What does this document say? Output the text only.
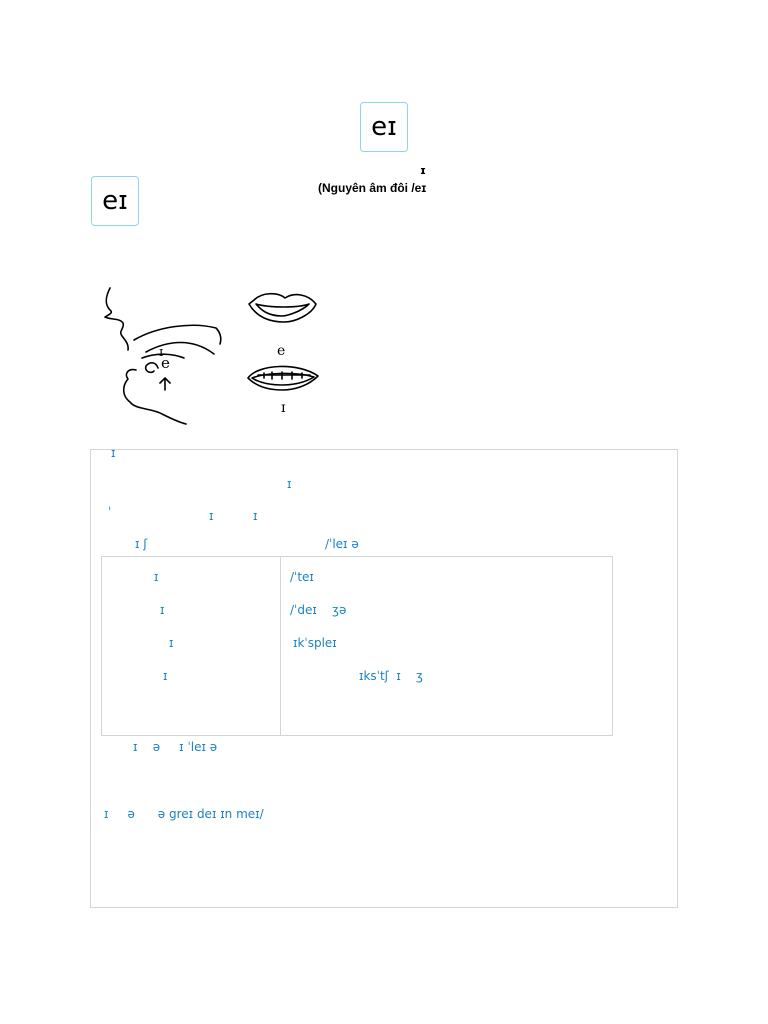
eɪ
ɪ
(Nguyên âm đôi /eɪ
eɪ
ɪ
e
e
ɪ
ɪ
ɪ
ˈ	ɪ	ɪ
ɪ ʃ	/ˈleɪ ə
ɪ	/ˈteɪ
ɪ	/ˈdeɪ    ʒə
ɪ	ɪkˈspleɪ
ɪ	ɪksˈtʃ  ɪ    ʒ
ɪ    ə     ɪ ˈleɪ ə
ɪ     ə      ə greɪ deɪ ɪn meɪ/
